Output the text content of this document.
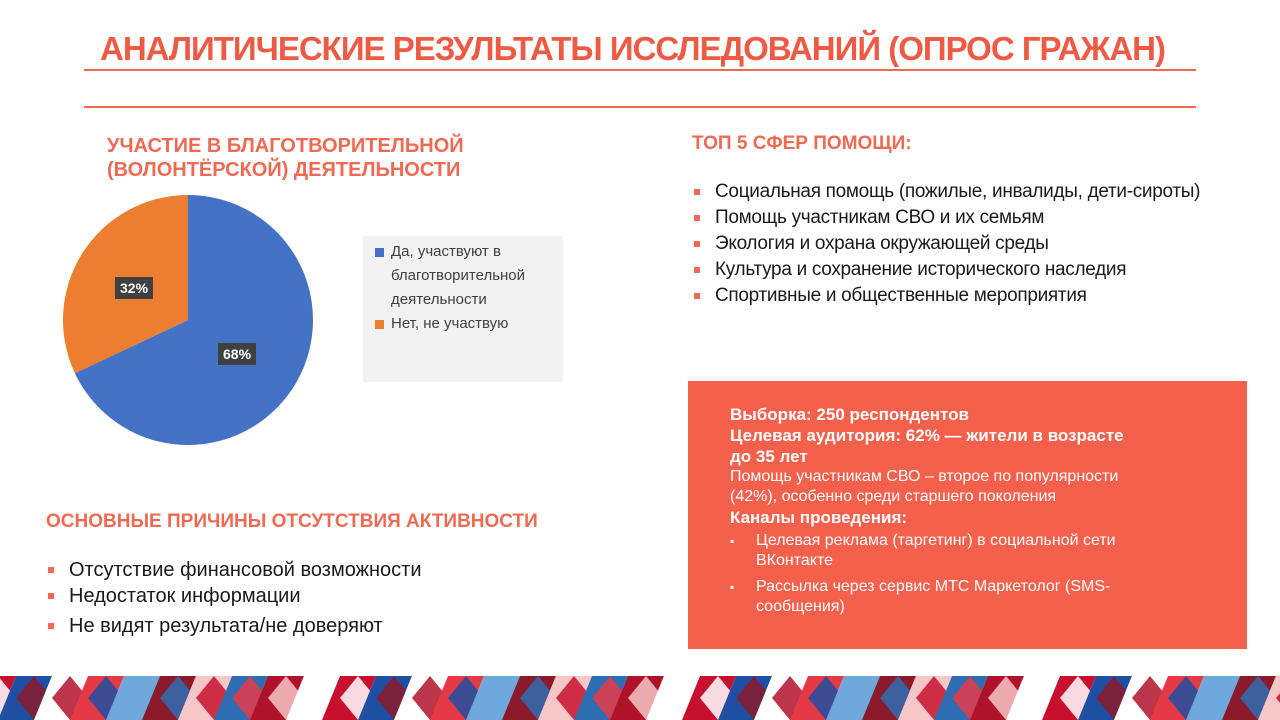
АНАЛИТИЧЕСКИЕ РЕЗУЛЬТАТЫ ИССЛЕДОВАНИЙ (ОПРОС ГРАЖАН)
УЧАСТИЕ В БЛАГОТВОРИТЕЛЬНОЙ
(ВОЛОНТЁРСКОЙ) ДЕЯТЕЛЬНОСТИ
32%
68%
Да, участвуют в
благотворительной
деятельности
Нет, не участвую
ТОП 5 СФЕР ПОМОЩИ:
Социальная помощь (пожилые, инвалиды, дети-сироты)
Помощь участникам СВО и их семьям
Экология и охрана окружающей среды
Культура и сохранение исторического наследия
Спортивные и общественные мероприятия
Выборка: 250 респондентов
Целевая аудитория: 62% — жители в возрасте
до 35 лет
Помощь участникам СВО – второе по популярности
(42%), особенно среди старшего поколения
Каналы проведения:
▪ Целевая реклама (таргетинг) в социальной сети
ВКонтакте
▪ Рассылка через сервис МТС Маркетолог (SMS-
сообщения)
ОСНОВНЫЕ ПРИЧИНЫ ОТСУТСТВИЯ АКТИВНОСТИ
Отсутствие финансовой возможности
Недостаток информации
Не видят результата/не доверяют
